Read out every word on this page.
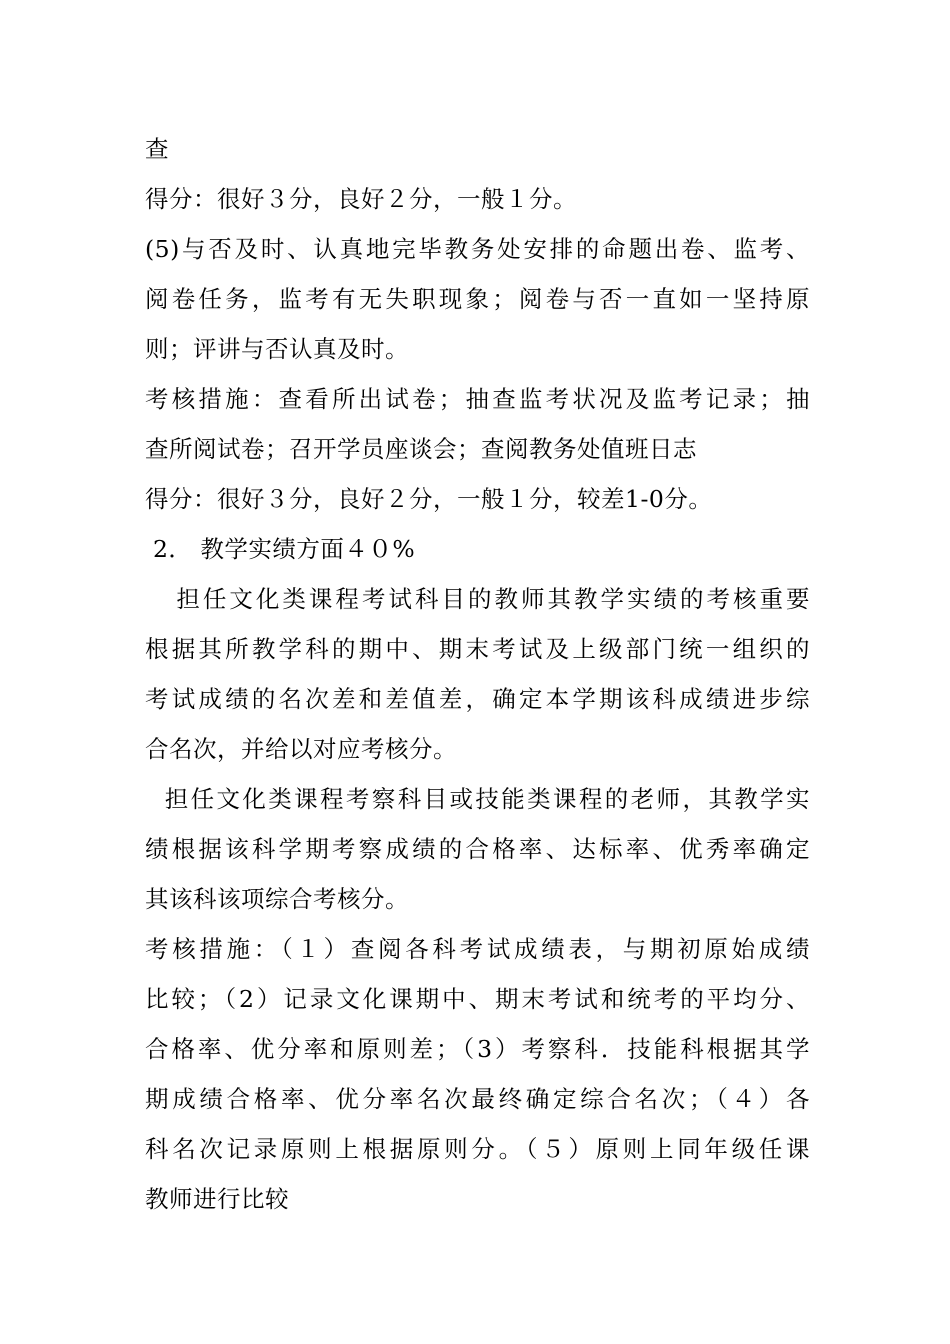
查
得分：很好３分，良好２分，一般１分。
(5)与否及时、认真地完毕教务处安排的命题出卷、监考、
阅卷任务，监考有无失职现象；阅卷与否一直如一坚持原
则；评讲与否认真及时。
考核措施：查看所出试卷；抽查监考状况及监考记录；抽
查所阅试卷；召开学员座谈会；查阅教务处值班日志
得分：很好３分，良好２分，一般１分，较差1-0分。
2． 教学实绩方面４０%
担任文化类课程考试科目的教师其教学实绩的考核重要
根据其所教学科的期中、期末考试及上级部门统一组织的
考试成绩的名次差和差值差，确定本学期该科成绩进步综
合名次，并给以对应考核分。
担任文化类课程考察科目或技能类课程的老师，其教学实
绩根据该科学期考察成绩的合格率、达标率、优秀率确定
其该科该项综合考核分。
考核措施：（１）查阅各科考试成绩表，与期初原始成绩
比较；（2）记录文化课期中、期末考试和统考的平均分、
合格率、优分率和原则差；（3）考察科．技能科根据其学
期成绩合格率、优分率名次最终确定综合名次；（４）各
科名次记录原则上根据原则分。（５）原则上同年级任课
教师进行比较
